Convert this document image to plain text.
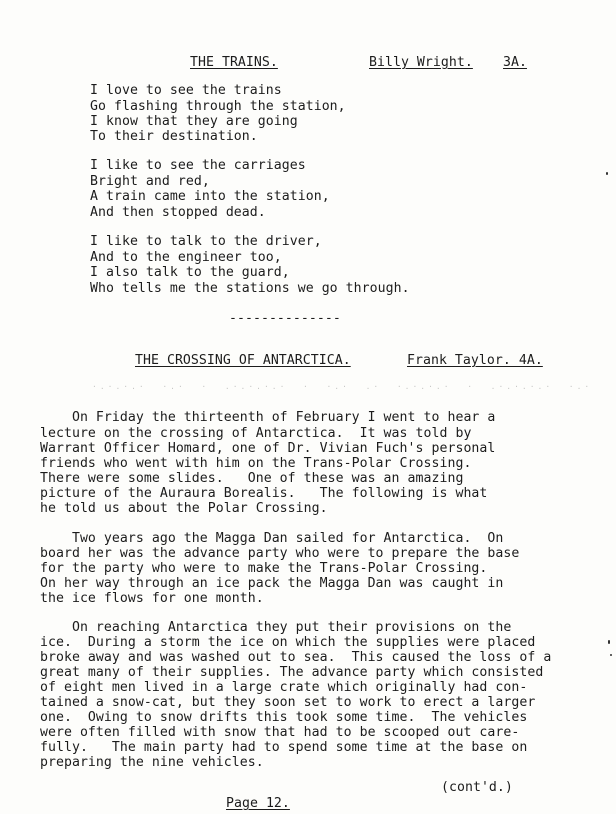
THE TRAINS.	Billy Wright. 3A.
I love to see the trains
Go flashing through the station,
I know that they are going
To their destination.
I like to see the carriages
Bright and red,
A train came into the station,
And then stopped dead.
I like to talk to the driver,
And to the engineer too,
I also talk to the guard,
Who tells me the stations we go through.
--------------
THE CROSSING OF ANTARCTICA.	Frank Taylor. 4A.
·.·.·.·  ·.·  ·  .·.·.·.·  ·  ·.·  .·  ·.·.·.·  ·  .·.·.·.·  ·.·
On Friday the thirteenth of February I went to hear a
lecture on the crossing of Antarctica.  It was told by
Warrant Officer Homard, one of Dr. Vivian Fuch's personal
friends who went with him on the Trans-Polar Crossing.
There were some slides.   One of these was an amazing
picture of the Auraura Borealis.   The following is what
he told us about the Polar Crossing.
Two years ago the Magga Dan sailed for Antarctica.  On
board her was the advance party who were to prepare the base
for the party who were to make the Trans-Polar Crossing.
On her way through an ice pack the Magga Dan was caught in
the ice flows for one month.
On reaching Antarctica they put their provisions on the
ice.  During a storm the ice on which the supplies were placed
broke away and was washed out to sea.  This caused the loss of a
great many of their supplies. The advance party which consisted
of eight men lived in a large crate which originally had con-
tained a snow-cat, but they soon set to work to erect a larger
one.  Owing to snow drifts this took some time.  The vehicles
were often filled with snow that had to be scooped out care-
fully.   The main party had to spend some time at the base on
preparing the nine vehicles.
(cont'd.)
Page 12.
